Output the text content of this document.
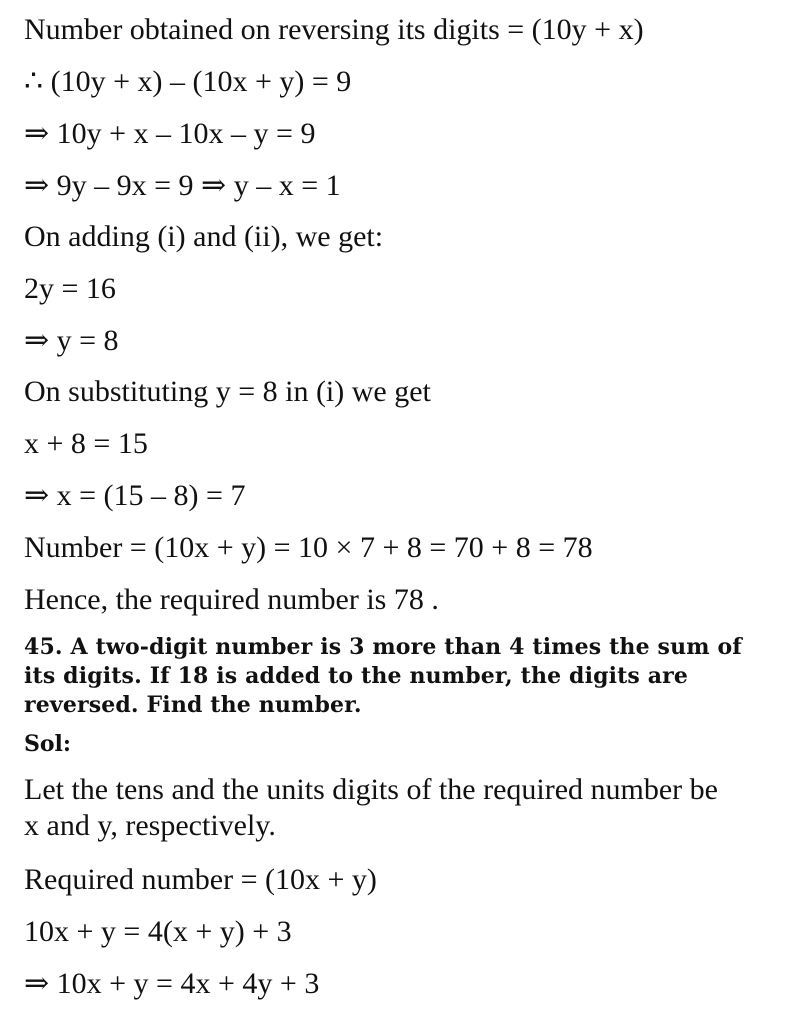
Number obtained on reversing its digits = (10y + x)

∴ (10y + x) – (10x + y) = 9

⇒ 10y + x – 10x – y = 9

⇒ 9y – 9x = 9 ⇒ y – x = 1

On adding (i) and (ii), we get:

2y = 16

⇒ y = 8

On substituting y = 8 in (i) we get

x + 8 = 15

⇒ x = (15 – 8) = 7

Number = (10x + y) = 10 × 7 + 8 = 70 + 8 = 78

Hence, the required number is 78 .

45. A two-digit number is 3 more than 4 times the sum of its digits. If 18 is added to the number, the digits are reversed. Find the number.

Sol:

Let the tens and the units digits of the required number be x and y, respectively.

Required number = (10x + y)

10x + y = 4(x + y) + 3

⇒ 10x + y = 4x + 4y + 3
